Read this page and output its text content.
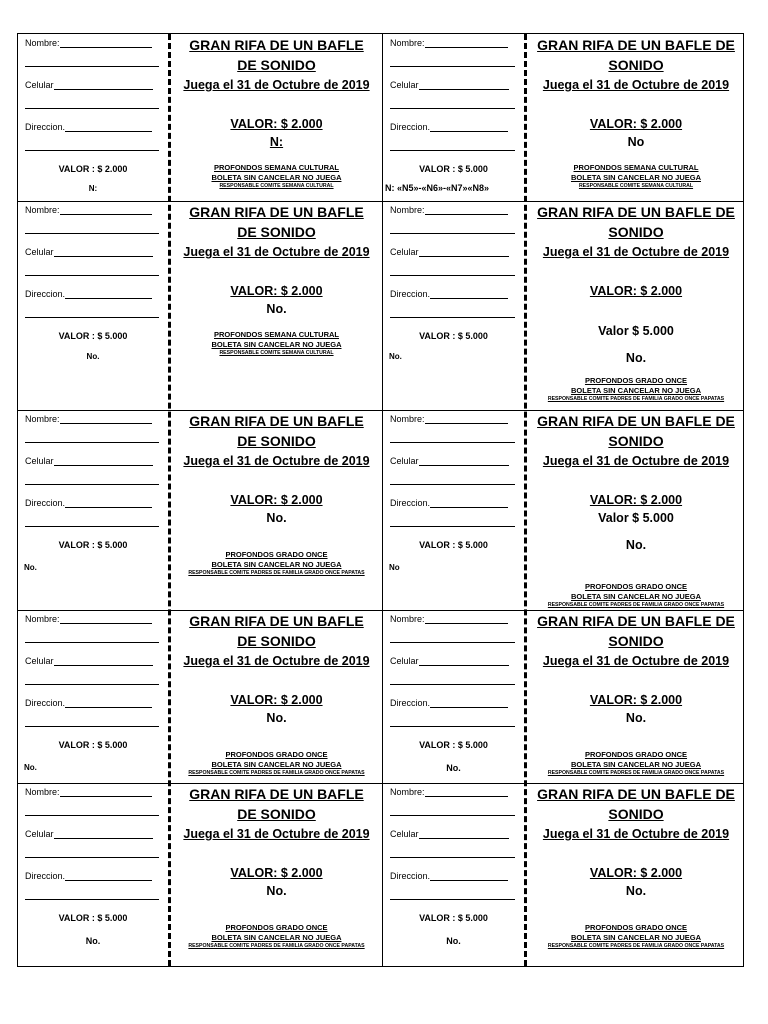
Nombre:
Celular
Direccion.
VALOR : $ 2.000
N:
GRAN RIFA DE UN BAFLE
DE SONIDO
Juega el 31 de Octubre de 2019
VALOR: $ 2.000
N:
PROFONDOS SEMANA CULTURAL
BOLETA SIN CANCELAR NO JUEGA
RESPONSABLE COMITE SEMANA CULTURAL
Nombre:
Celular
Direccion.
VALOR : $ 5.000
N: «N5»-«N6»-«N7»«N8»
GRAN RIFA DE UN BAFLE DE
SONIDO
Juega el 31 de Octubre de 2019
VALOR: $ 2.000
No
PROFONDOS SEMANA CULTURAL
BOLETA SIN CANCELAR NO JUEGA
RESPONSABLE COMITE SEMANA CULTURAL
Nombre:
Celular
Direccion.
VALOR : $ 5.000
No.
GRAN RIFA DE UN BAFLE
DE SONIDO
Juega el 31 de Octubre de 2019
VALOR: $ 2.000
No.
PROFONDOS SEMANA CULTURAL
BOLETA SIN CANCELAR NO JUEGA
RESPONSABLE COMITE SEMANA CULTURAL
Nombre:
Celular
Direccion.
VALOR : $ 5.000
No.
GRAN RIFA DE UN BAFLE DE
SONIDO
Juega el 31 de Octubre de 2019
VALOR: $ 2.000
Valor $ 5.000
No.
PROFONDOS GRADO ONCE
BOLETA SIN CANCELAR NO JUEGA
RESPONSABLE COMITE PADRES DE FAMILIA GRADO ONCE PAPATAS
Nombre:
Celular
Direccion.
VALOR : $ 5.000
No.
GRAN RIFA DE UN BAFLE
DE SONIDO
Juega el 31 de Octubre de 2019
VALOR: $ 2.000
No.
PROFONDOS GRADO ONCE
BOLETA SIN CANCELAR NO JUEGA
RESPONSABLE COMITE PADRES DE FAMILIA GRADO ONCE PAPATAS
Nombre:
Celular
Direccion.
VALOR : $ 5.000
No
GRAN RIFA DE UN BAFLE DE
SONIDO
Juega el 31 de Octubre de 2019
VALOR: $ 2.000
Valor $ 5.000
No.
PROFONDOS GRADO ONCE
BOLETA SIN CANCELAR NO JUEGA
RESPONSABLE COMITE PADRES DE FAMILIA GRADO ONCE PAPATAS
Nombre:
Celular
Direccion.
VALOR : $ 5.000
No.
GRAN RIFA DE UN BAFLE
DE SONIDO
Juega el 31 de Octubre de 2019
VALOR: $ 2.000
No.
PROFONDOS GRADO ONCE
BOLETA SIN CANCELAR NO JUEGA
RESPONSABLE COMITE PADRES DE FAMILIA GRADO ONCE PAPATAS
Nombre:
Celular
Direccion.
VALOR : $ 5.000
No.
GRAN RIFA DE UN BAFLE DE
SONIDO
Juega el 31 de Octubre de 2019
VALOR: $ 2.000
No.
PROFONDOS GRADO ONCE
BOLETA SIN CANCELAR NO JUEGA
RESPONSABLE COMITE PADRES DE FAMILIA GRADO ONCE PAPATAS
Nombre:
Celular
Direccion.
VALOR : $ 5.000
No.
GRAN RIFA DE UN BAFLE
DE SONIDO
Juega el 31 de Octubre de 2019
VALOR: $ 2.000
No.
PROFONDOS GRADO ONCE
BOLETA SIN CANCELAR NO JUEGA
RESPONSABLE COMITE PADRES DE FAMILIA GRADO ONCE PAPATAS
Nombre:
Celular
Direccion.
VALOR : $ 5.000
No.
GRAN RIFA DE UN BAFLE DE
SONIDO
Juega el 31 de Octubre de 2019
VALOR: $ 2.000
No.
PROFONDOS GRADO ONCE
BOLETA SIN CANCELAR NO JUEGA
RESPONSABLE COMITE PADRES DE FAMILIA GRADO ONCE PAPATAS
